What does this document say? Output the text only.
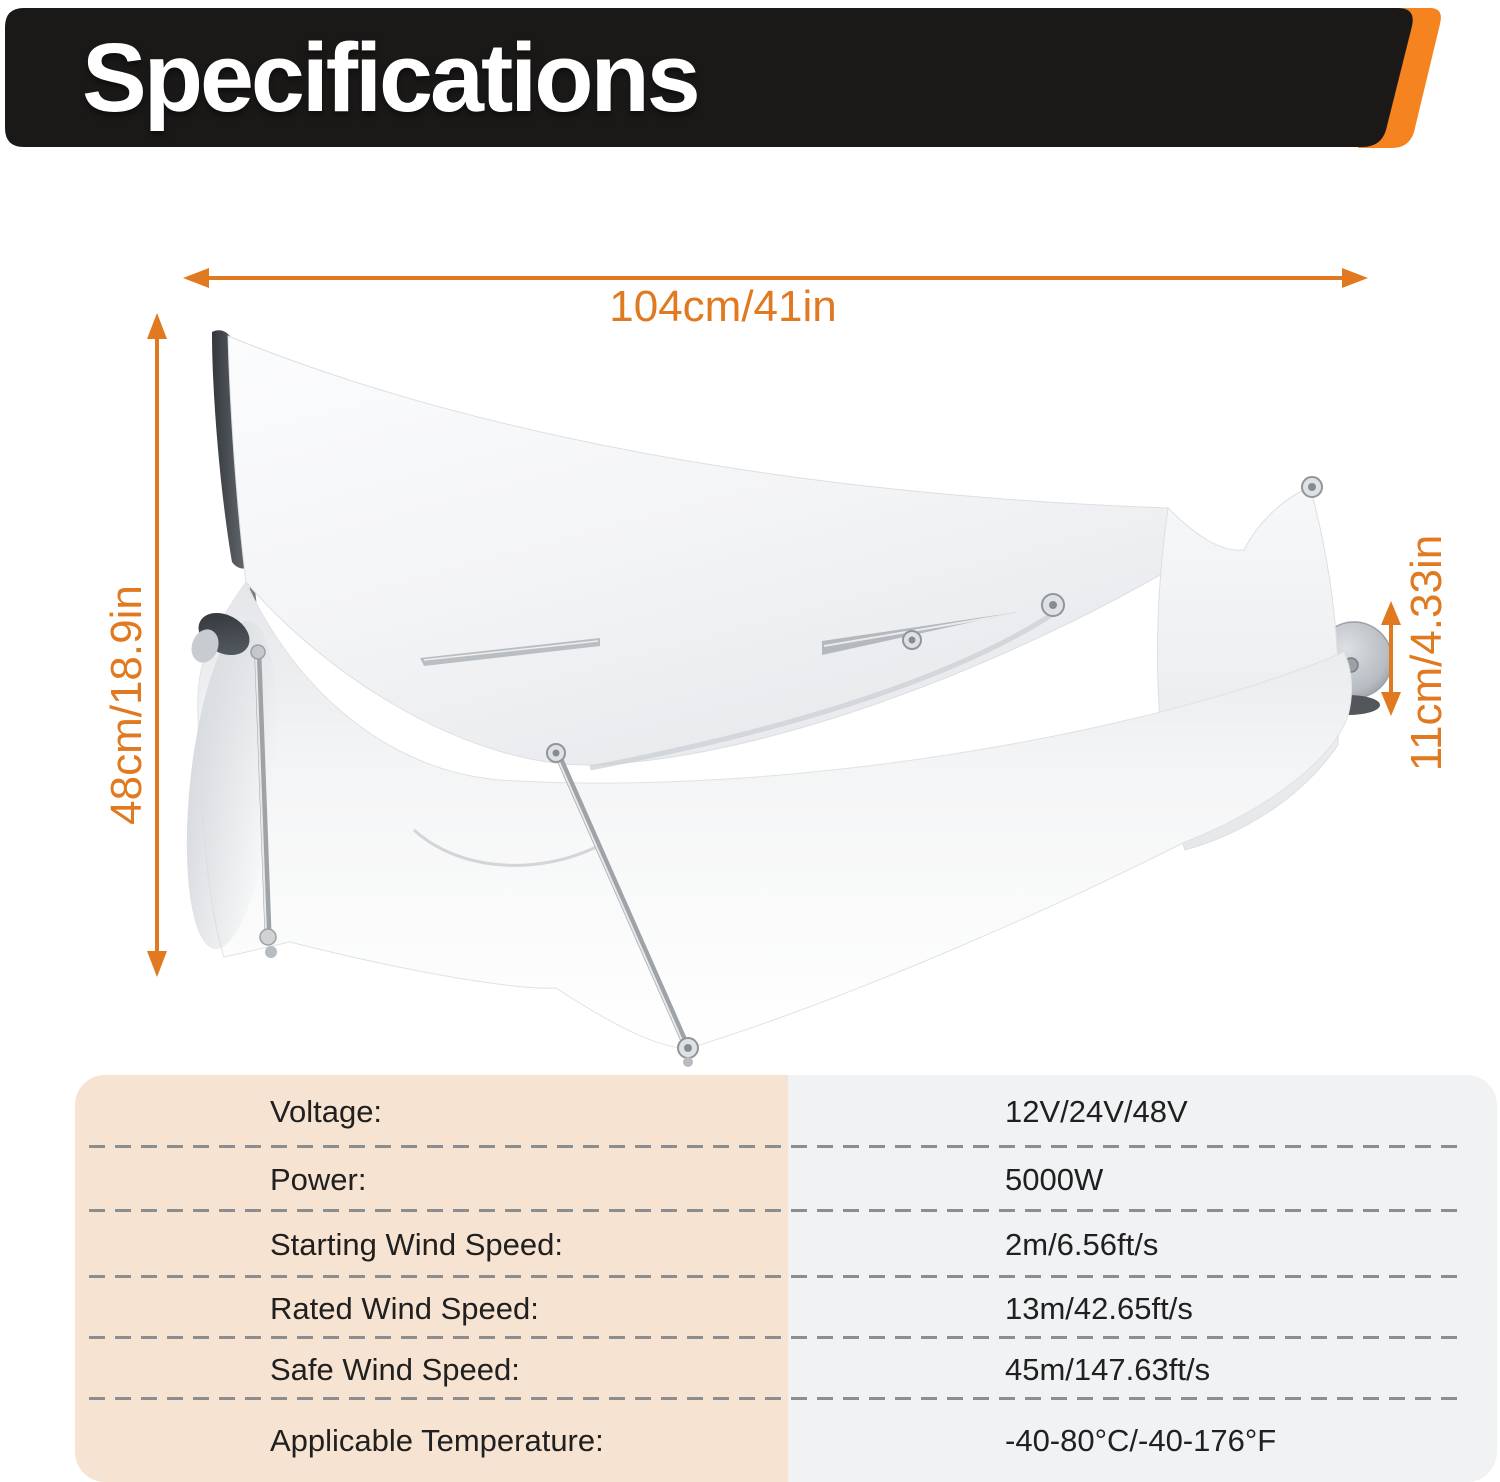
Specifications
104cm/41in
48cm/18.9in	11cm/4.33in
Voltage:	12V/24V/48V
Power:	5000W
Starting Wind Speed:	2m/6.56ft/s
Rated Wind Speed:	13m/42.65ft/s
Safe Wind Speed:	45m/147.63ft/s
Applicable Temperature:	-40-80°C/-40-176°F
